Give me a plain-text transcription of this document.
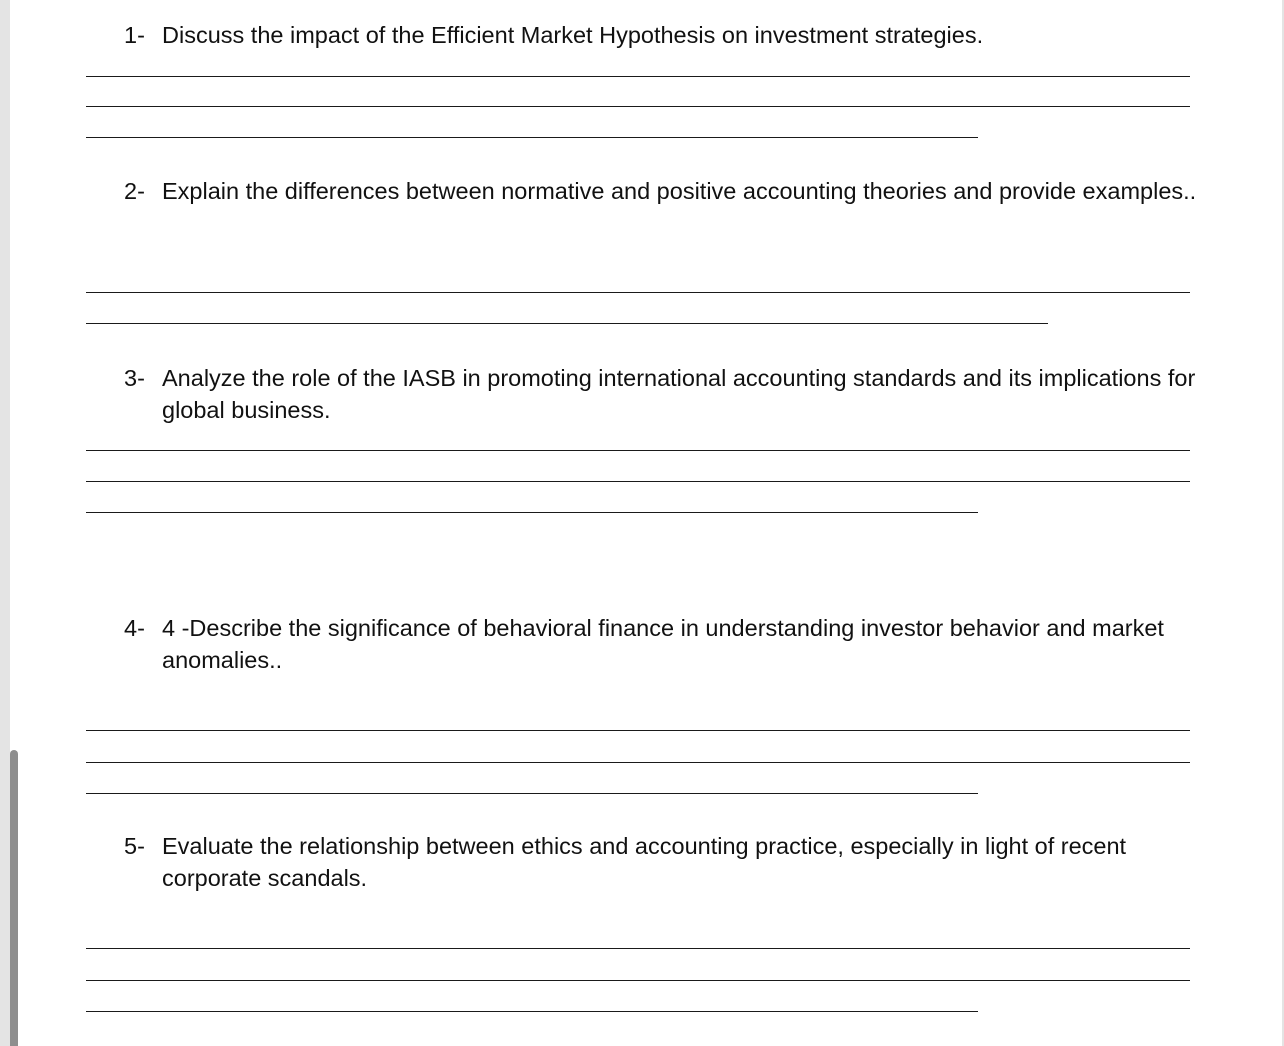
1- Discuss the impact of the Efficient Market Hypothesis on investment strategies.
2- Explain the differences between normative and positive accounting theories and provide examples..
3- Analyze the role of the IASB in promoting international accounting standards and its implications for global business.
4- 4 -Describe the significance of behavioral finance in understanding investor behavior and market anomalies..
5- Evaluate the relationship between ethics and accounting practice, especially in light of recent corporate scandals.
